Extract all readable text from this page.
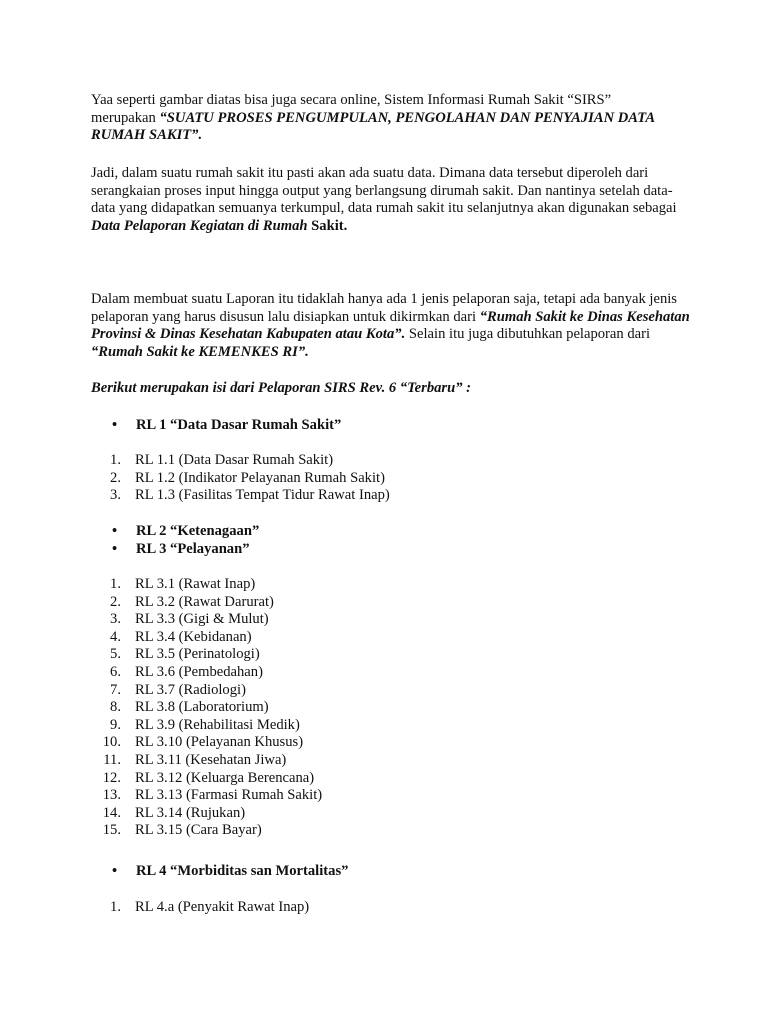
Yaa seperti gambar diatas bisa juga secara online, Sistem Informasi Rumah Sakit “SIRS”
merupakan “SUATU PROSES PENGUMPULAN, PENGOLAHAN DAN PENYAJIAN DATA RUMAH SAKIT”.

Jadi, dalam suatu rumah sakit itu pasti akan ada suatu data. Dimana data tersebut diperoleh dari serangkaian proses input hingga output yang berlangsung dirumah sakit. Dan nantinya setelah data-data yang didapatkan semuanya terkumpul, data rumah sakit itu selanjutnya akan digunakan sebagai Data Pelaporan Kegiatan di Rumah Sakit.

Dalam membuat suatu Laporan itu tidaklah hanya ada 1 jenis pelaporan saja, tetapi ada banyak jenis pelaporan yang harus disusun lalu disiapkan untuk dikirmkan dari “Rumah Sakit ke Dinas Kesehatan Provinsi & Dinas Kesehatan Kabupaten atau Kota”. Selain itu juga dibutuhkan pelaporan dari “Rumah Sakit ke KEMENKES RI”.

Berikut merupakan isi dari Pelaporan SIRS Rev. 6 “Terbaru” :

• RL 1 “Data Dasar Rumah Sakit”
1. RL 1.1 (Data Dasar Rumah Sakit)
2. RL 1.2 (Indikator Pelayanan Rumah Sakit)
3. RL 1.3 (Fasilitas Tempat Tidur Rawat Inap)
• RL 2 “Ketenagaan”
• RL 3 “Pelayanan”
1. RL 3.1 (Rawat Inap)
2. RL 3.2 (Rawat Darurat)
3. RL 3.3 (Gigi & Mulut)
4. RL 3.4 (Kebidanan)
5. RL 3.5 (Perinatologi)
6. RL 3.6 (Pembedahan)
7. RL 3.7 (Radiologi)
8. RL 3.8 (Laboratorium)
9. RL 3.9 (Rehabilitasi Medik)
10. RL 3.10 (Pelayanan Khusus)
11. RL 3.11 (Kesehatan Jiwa)
12. RL 3.12 (Keluarga Berencana)
13. RL 3.13 (Farmasi Rumah Sakit)
14. RL 3.14 (Rujukan)
15. RL 3.15 (Cara Bayar)
• RL 4 “Morbiditas san Mortalitas”
1. RL 4.a (Penyakit Rawat Inap)
